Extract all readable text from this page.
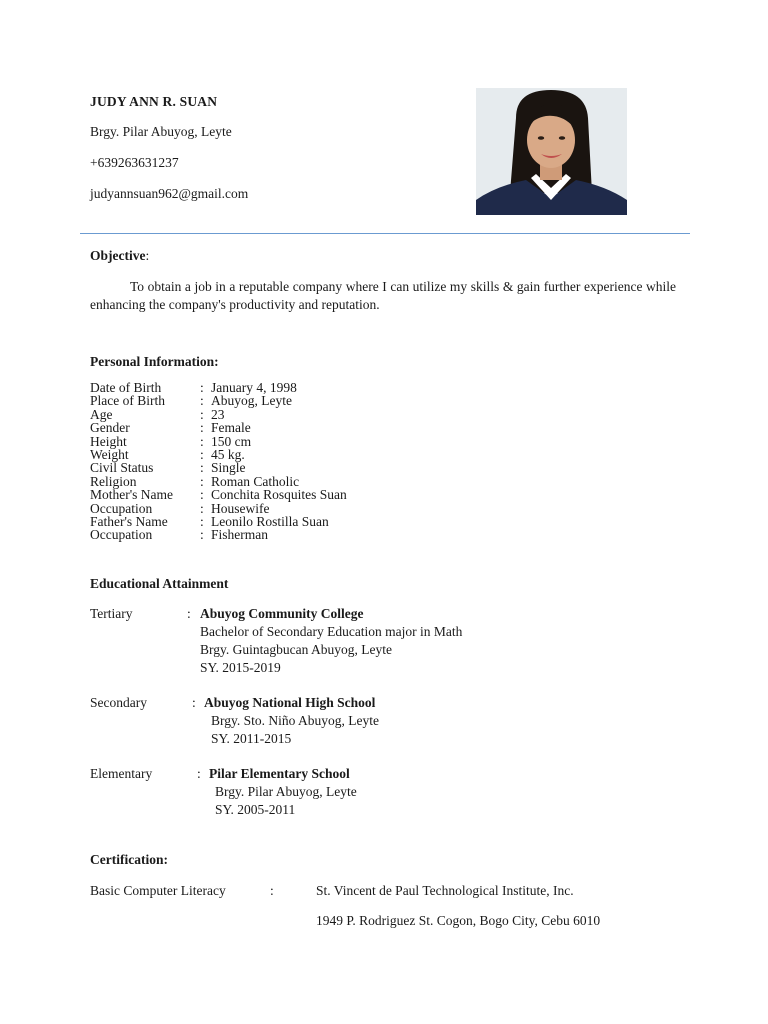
JUDY ANN R. SUAN
Brgy. Pilar Abuyog, Leyte
+639263631237
judyannsuan962@gmail.com
Objective:
To obtain a job in a reputable company where I can utilize my skills & gain further experience while enhancing the company's productivity and reputation.
Personal Information:
Date of Birth	: January 4, 1998
Place of Birth	: Abuyog, Leyte
Age	: 23
Gender	: Female
Height	: 150 cm
Weight	: 45 kg.
Civil Status	: Single
Religion	: Roman Catholic
Mother's Name : Conchita Rosquites Suan
Occupation	: Housewife
Father's Name : Leonilo Rostilla Suan
Occupation	: Fisherman
Educational Attainment
Tertiary	: Abuyog Community College
Bachelor of Secondary Education major in Math
Brgy. Guintagbucan Abuyog, Leyte
SY. 2015-2019
Secondary	: Abuyog National High School
Brgy. Sto. Niño Abuyog, Leyte
SY. 2011-2015
Elementary	: Pilar Elementary School
Brgy. Pilar Abuyog, Leyte
SY. 2005-2011
Certification:
Basic Computer Literacy	:	St. Vincent de Paul Technological Institute, Inc.
1949 P. Rodriguez St. Cogon, Bogo City, Cebu 6010
